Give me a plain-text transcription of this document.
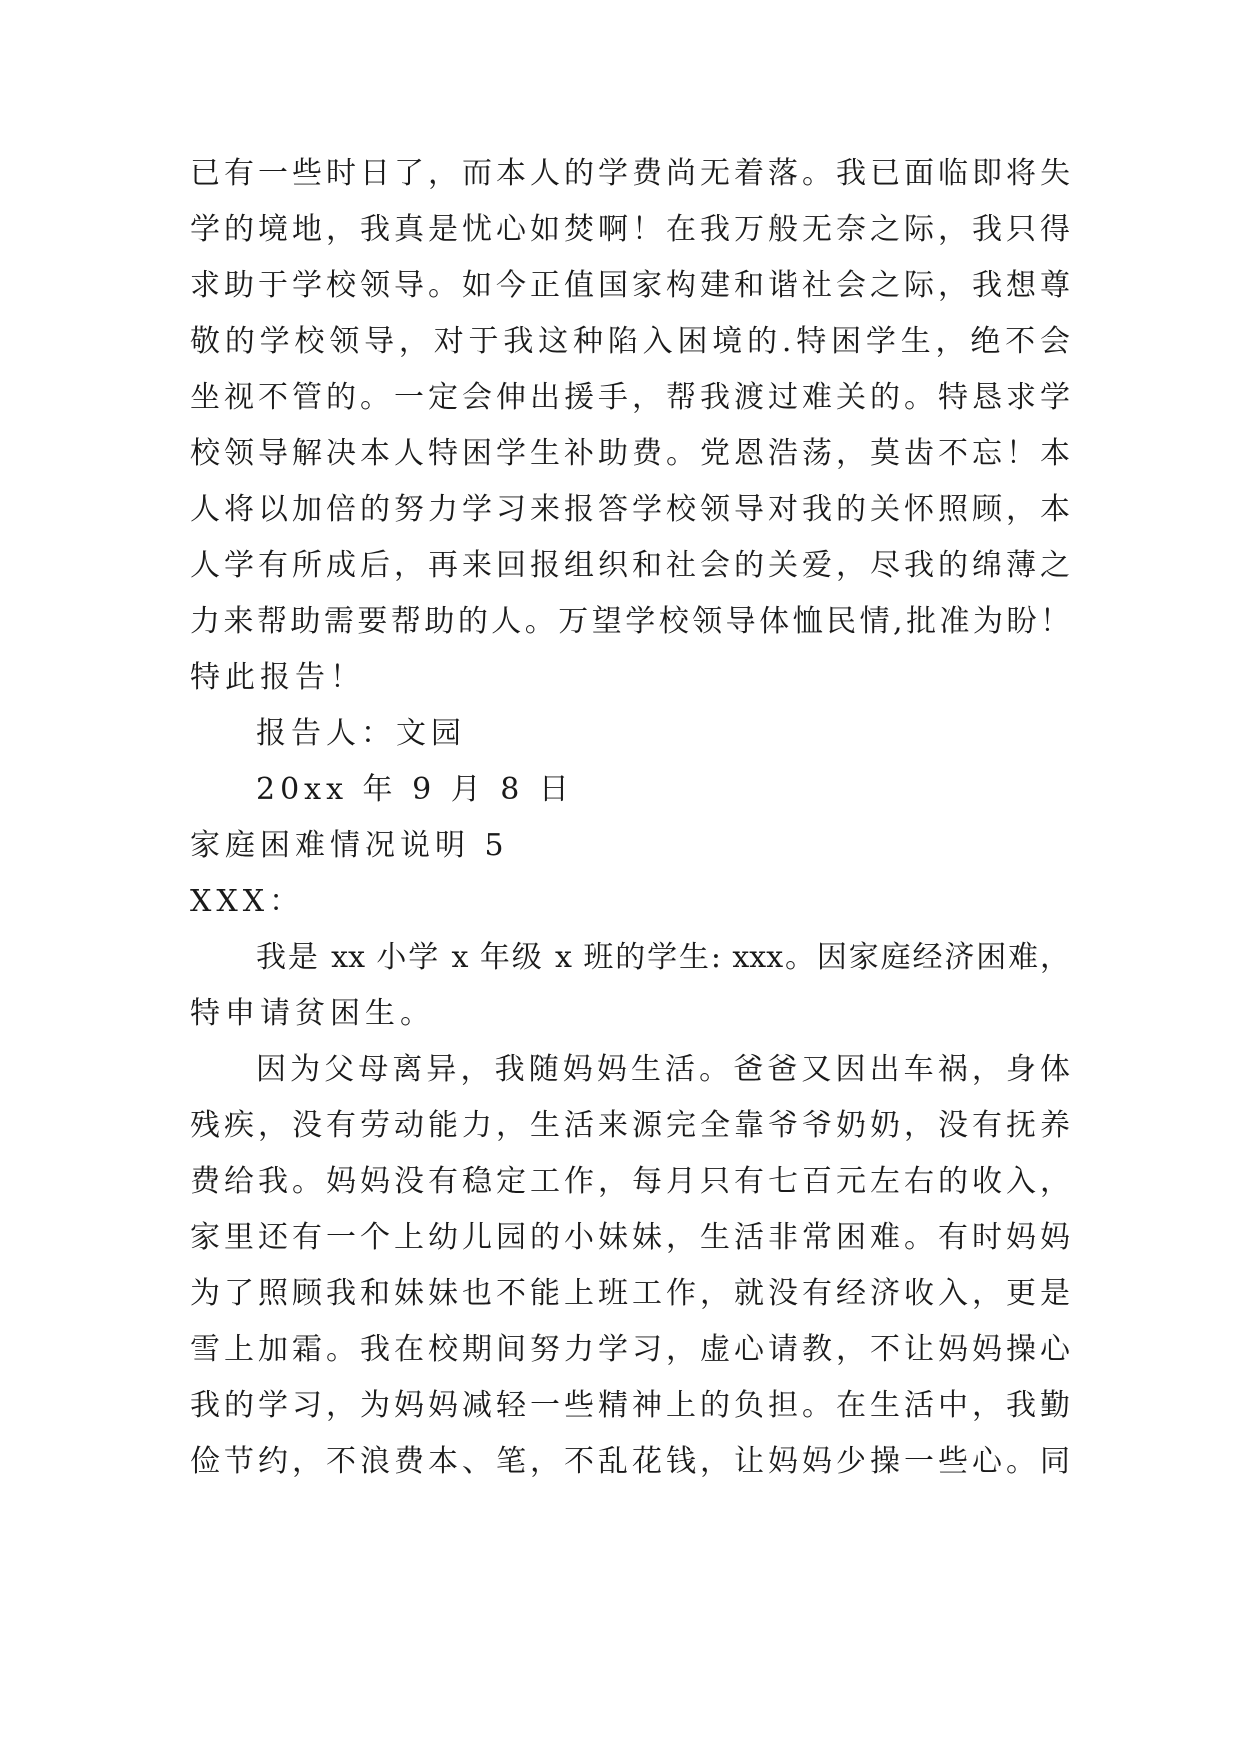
已有一些时日了，而本人的学费尚无着落。我已面临即将失
学的境地，我真是忧心如焚啊！在我万般无奈之际，我只得
求助于学校领导。如今正值国家构建和谐社会之际，我想尊
敬的学校领导，对于我这种陷入困境的.特困学生，绝不会
坐视不管的。一定会伸出援手，帮我渡过难关的。特恳求学
校领导解决本人特困学生补助费。党恩浩荡，莫齿不忘！本
人将以加倍的努力学习来报答学校领导对我的关怀照顾，本
人学有所成后，再来回报组织和社会的关爱，尽我的绵薄之
力来帮助需要帮助的人。万望学校领导体恤民情,批准为盼！
特此报告！
报告人：文园
20xx 年 9 月 8 日
家庭困难情况说明 5
XXX：
我是 xx 小学 x 年级 x 班的学生: xxx。因家庭经济困难，
特申请贫困生。
因为父母离异，我随妈妈生活。爸爸又因出车祸，身体
残疾，没有劳动能力，生活来源完全靠爷爷奶奶，没有抚养
费给我。妈妈没有稳定工作，每月只有七百元左右的收入，
家里还有一个上幼儿园的小妹妹，生活非常困难。有时妈妈
为了照顾我和妹妹也不能上班工作，就没有经济收入，更是
雪上加霜。我在校期间努力学习，虚心请教，不让妈妈操心
我的学习，为妈妈减轻一些精神上的负担。在生活中，我勤
俭节约，不浪费本、笔，不乱花钱，让妈妈少操一些心。同
